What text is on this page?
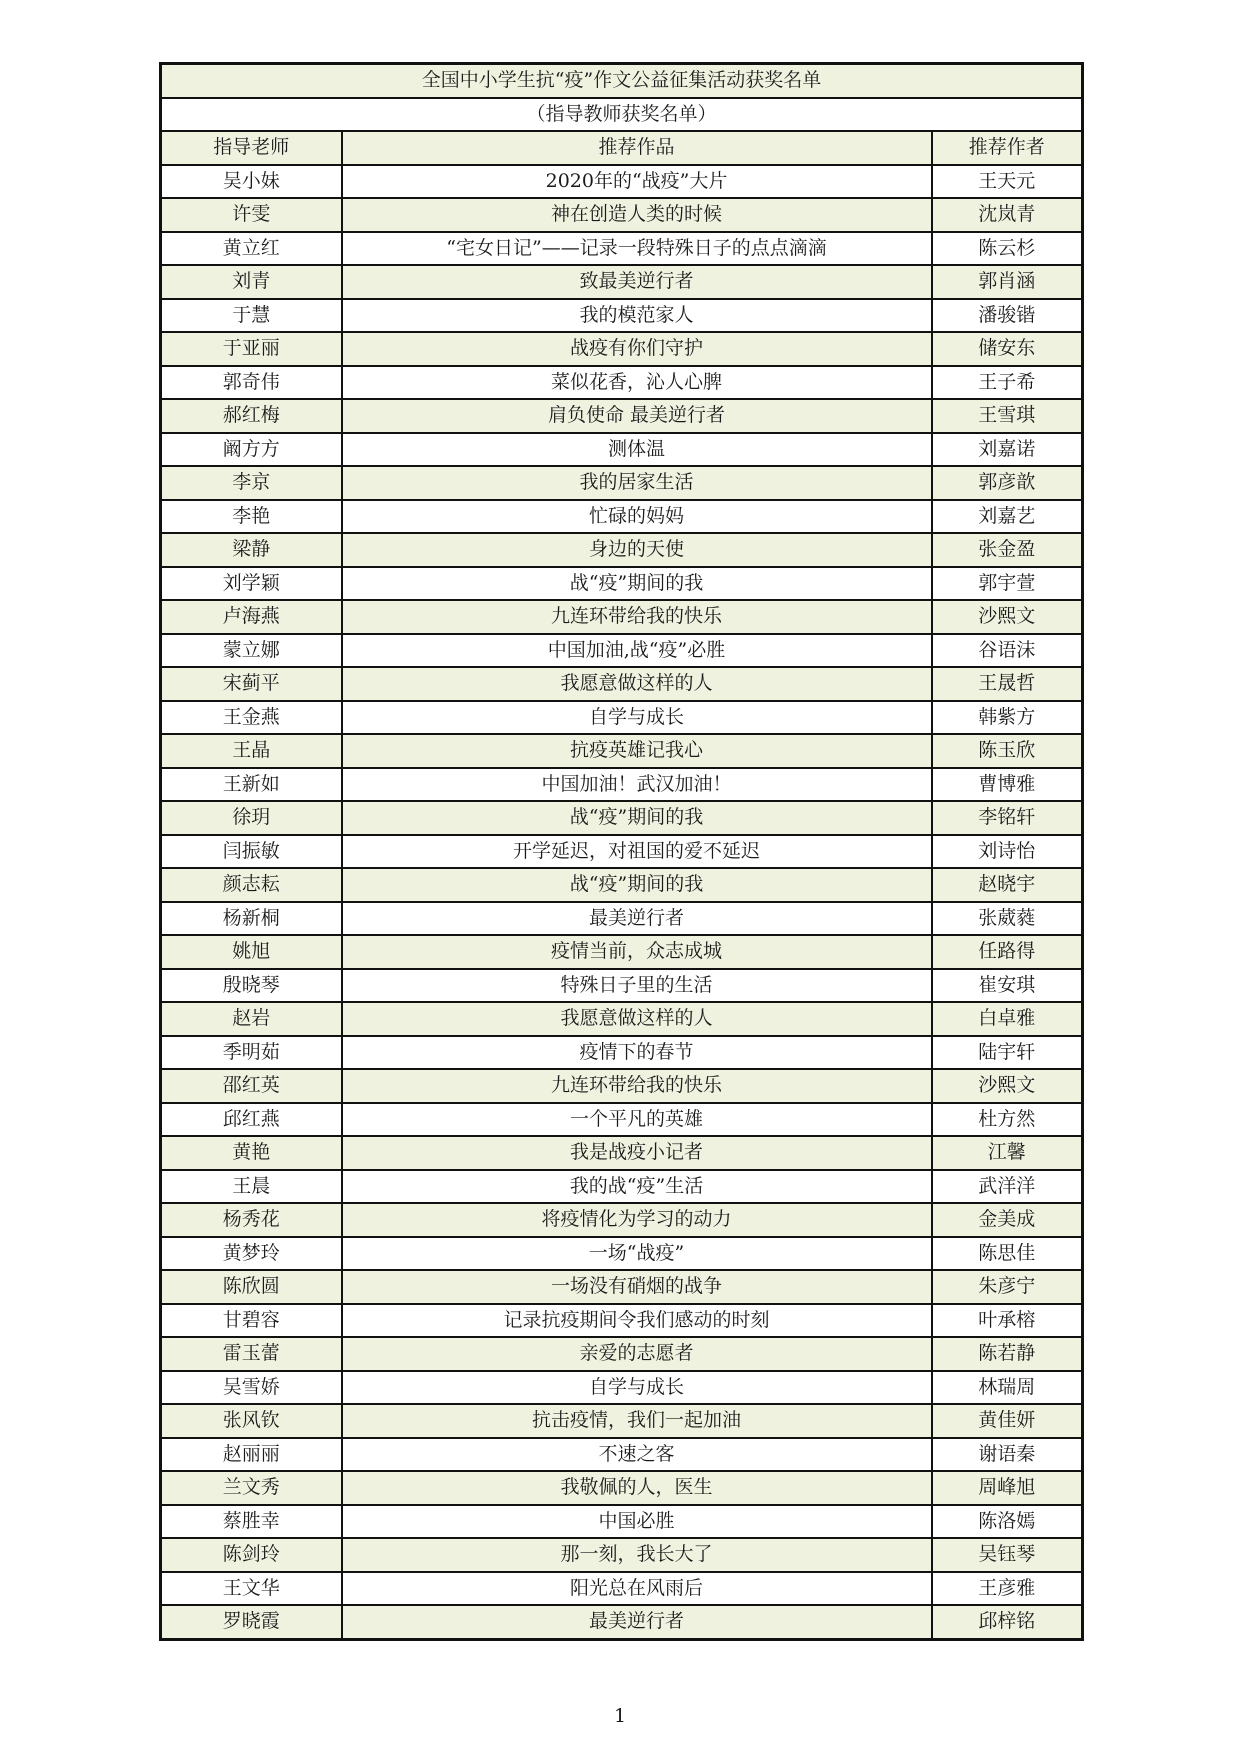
全国中小学生抗“疫”作文公益征集活动获奖名单		
（指导教师获奖名单）		
指导老师	推荐作品	推荐作者
吴小妹	2020年的“战疫”大片	王天元
许雯	神在创造人类的时候	沈岚青
黄立红	“宅女日记”——记录一段特殊日子的点点滴滴	陈云杉
刘青	致最美逆行者	郭肖涵
于慧	我的模范家人	潘骏锴
于亚丽	战疫有你们守护	储安东
郭奇伟	菜似花香，沁人心脾	王子希
郝红梅	肩负使命 最美逆行者	王雪琪
阚方方	测体温	刘嘉诺
李京	我的居家生活	郭彦歆
李艳	忙碌的妈妈	刘嘉艺
梁静	身边的天使	张金盈
刘学颖	战“疫”期间的我	郭宇萱
卢海燕	九连环带给我的快乐	沙熙文
蒙立娜	中国加油,战“疫”必胜	谷语沫
宋蓟平	我愿意做这样的人	王晟哲
王金燕	自学与成长	韩紫方
王晶	抗疫英雄记我心	陈玉欣
王新如	中国加油！武汉加油！	曹博雅
徐玥	战“疫”期间的我	李铭轩
闫振敏	开学延迟，对祖国的爱不延迟	刘诗怡
颜志耘	战“疫”期间的我	赵晓宇
杨新桐	最美逆行者	张葳蕤
姚旭	疫情当前，众志成城	任路得
殷晓琴	特殊日子里的生活	崔安琪
赵岩	我愿意做这样的人	白卓雅
季明茹	疫情下的春节	陆宇轩
邵红英	九连环带给我的快乐	沙熙文
邱红燕	一个平凡的英雄	杜方然
黄艳	我是战疫小记者	江馨
王晨	我的战“疫”生活	武洋洋
杨秀花	将疫情化为学习的动力	金美成
黄梦玲	一场“战疫”	陈思佳
陈欣圆	一场没有硝烟的战争	朱彦宁
甘碧容	记录抗疫期间令我们感动的时刻	叶承榕
雷玉蕾	亲爱的志愿者	陈若静
吴雪娇	自学与成长	林瑞周
张风钦	抗击疫情，我们一起加油	黄佳妍
赵丽丽	不速之客	谢语秦
兰文秀	我敬佩的人，医生	周峰旭
蔡胜幸	中国必胜	陈洛嫣
陈剑玲	那一刻，我长大了	吴钰琴
王文华	阳光总在风雨后	王彦雅
罗晓霞	最美逆行者	邱梓铭
1
